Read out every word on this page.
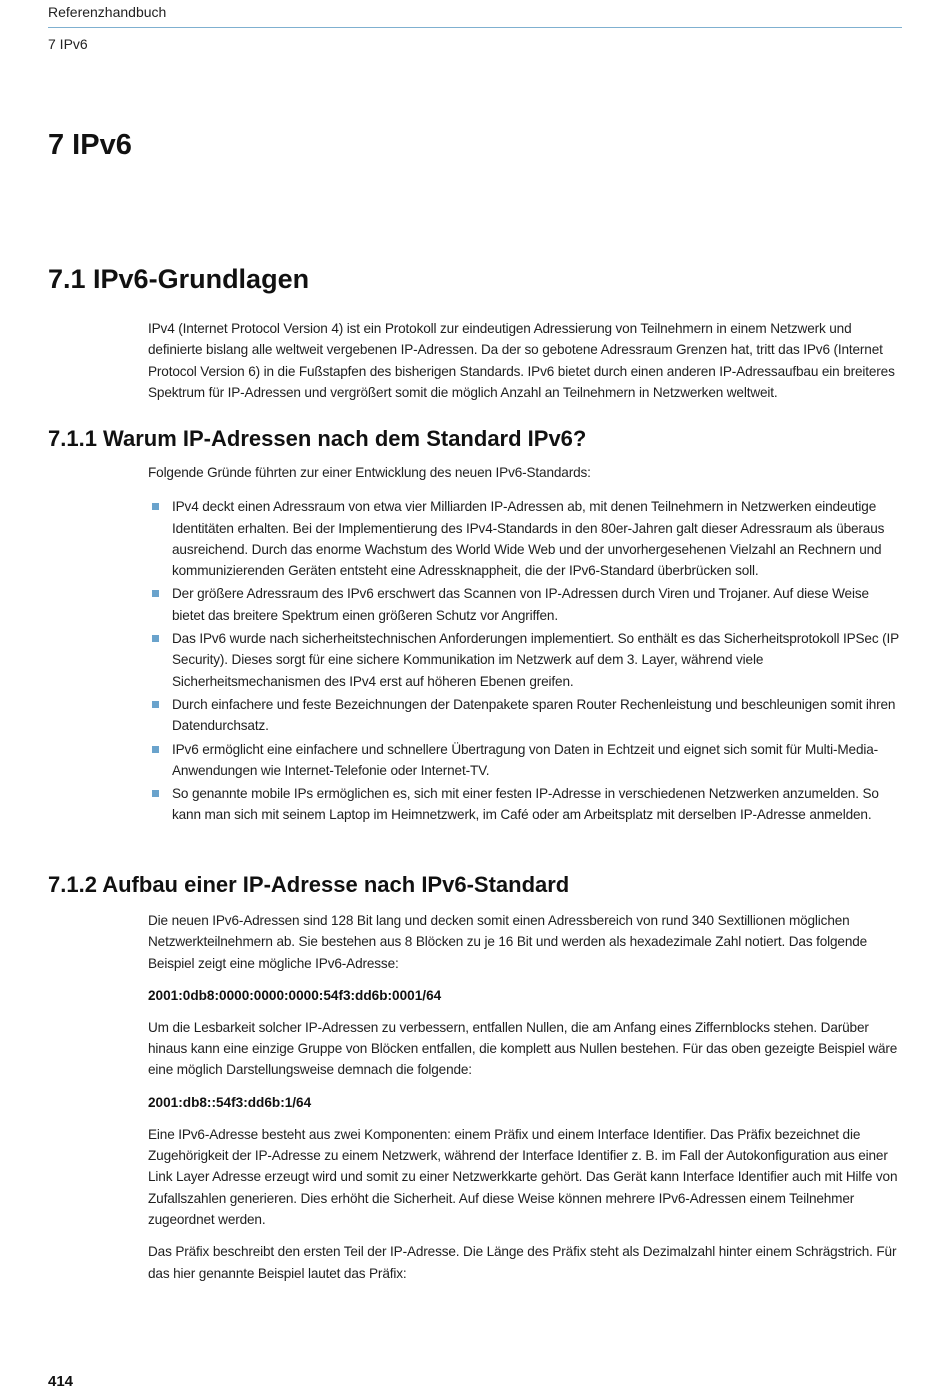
Referenzhandbuch
7 IPv6
7 IPv6
7.1 IPv6-Grundlagen

IPv4 (Internet Protocol Version 4) ist ein Protokoll zur eindeutigen Adressierung von Teilnehmern in einem Netzwerk und definierte bislang alle weltweit vergebenen IP-Adressen. Da der so gebotene Adressraum Grenzen hat, tritt das IPv6 (Internet Protocol Version 6) in die Fußstapfen des bisherigen Standards. IPv6 bietet durch einen anderen IP-Adressaufbau ein breiteres Spektrum für IP-Adressen und vergrößert somit die möglich Anzahl an Teilnehmern in Netzwerken weltweit.

7.1.1 Warum IP-Adressen nach dem Standard IPv6?

Folgende Gründe führten zur einer Entwicklung des neuen IPv6-Standards:

IPv4 deckt einen Adressraum von etwa vier Milliarden IP-Adressen ab, mit denen Teilnehmern in Netzwerken eindeutige Identitäten erhalten. Bei der Implementierung des IPv4-Standards in den 80er-Jahren galt dieser Adressraum als überaus ausreichend. Durch das enorme Wachstum des World Wide Web und der unvorhergesehenen Vielzahl an Rechnern und kommunizierenden Geräten entsteht eine Adressknappheit, die der IPv6-Standard überbrücken soll.
Der größere Adressraum des IPv6 erschwert das Scannen von IP-Adressen durch Viren und Trojaner. Auf diese Weise bietet das breitere Spektrum einen größeren Schutz vor Angriffen.
Das IPv6 wurde nach sicherheitstechnischen Anforderungen implementiert. So enthält es das Sicherheitsprotokoll IPSec (IP Security). Dieses sorgt für eine sichere Kommunikation im Netzwerk auf dem 3. Layer, während viele Sicherheitsmechanismen des IPv4 erst auf höheren Ebenen greifen.
Durch einfachere und feste Bezeichnungen der Datenpakete sparen Router Rechenleistung und beschleunigen somit ihren Datendurchsatz.
IPv6 ermöglicht eine einfachere und schnellere Übertragung von Daten in Echtzeit und eignet sich somit für Multi-Media-Anwendungen wie Internet-Telefonie oder Internet-TV.
So genannte mobile IPs ermöglichen es, sich mit einer festen IP-Adresse in verschiedenen Netzwerken anzumelden. So kann man sich mit seinem Laptop im Heimnetzwerk, im Café oder am Arbeitsplatz mit derselben IP-Adresse anmelden.
7.1.2 Aufbau einer IP-Adresse nach IPv6-Standard

Die neuen IPv6-Adressen sind 128 Bit lang und decken somit einen Adressbereich von rund 340 Sextillionen möglichen Netzwerkteilnehmern ab. Sie bestehen aus 8 Blöcken zu je 16 Bit und werden als hexadezimale Zahl notiert. Das folgende Beispiel zeigt eine mögliche IPv6-Adresse:

2001:0db8:0000:0000:0000:54f3:dd6b:0001/64

Um die Lesbarkeit solcher IP-Adressen zu verbessern, entfallen Nullen, die am Anfang eines Ziffernblocks stehen. Darüber hinaus kann eine einzige Gruppe von Blöcken entfallen, die komplett aus Nullen bestehen. Für das oben gezeigte Beispiel wäre eine möglich Darstellungsweise demnach die folgende:

2001:db8::54f3:dd6b:1/64

Eine IPv6-Adresse besteht aus zwei Komponenten: einem Präfix und einem Interface Identifier. Das Präfix bezeichnet die Zugehörigkeit der IP-Adresse zu einem Netzwerk, während der Interface Identifier z. B. im Fall der Autokonfiguration aus einer Link Layer Adresse erzeugt wird und somit zu einer Netzwerkkarte gehört. Das Gerät kann Interface Identifier auch mit Hilfe von Zufallszahlen generieren. Dies erhöht die Sicherheit. Auf diese Weise können mehrere IPv6-Adressen einem Teilnehmer zugeordnet werden.

Das Präfix beschreibt den ersten Teil der IP-Adresse. Die Länge des Präfix steht als Dezimalzahl hinter einem Schrägstrich. Für das hier genannte Beispiel lautet das Präfix:

414
